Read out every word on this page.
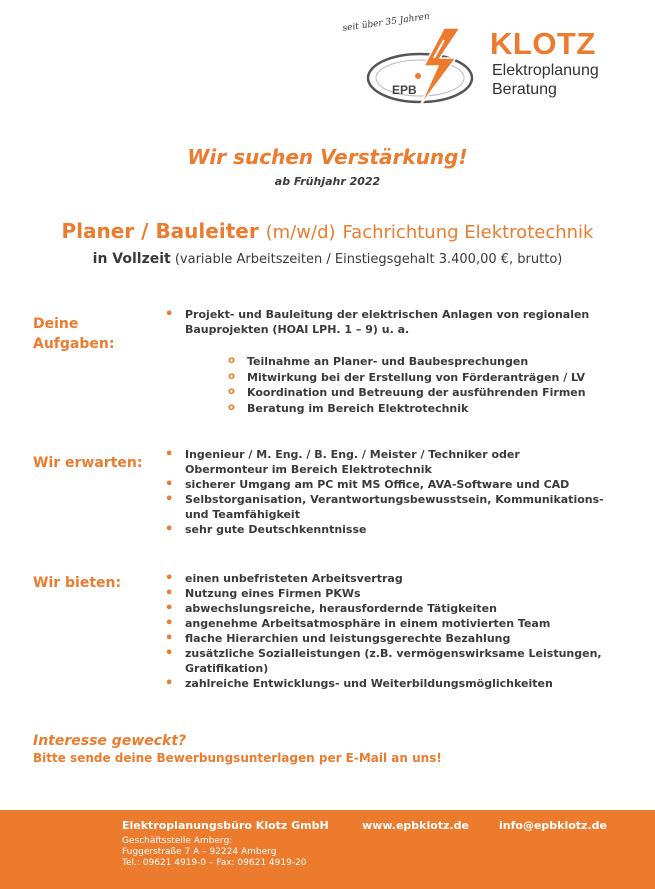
seit über 35 Jahren
EPB
KLOTZ
Elektroplanung
Beratung
Wir suchen Verstärkung!
ab Frühjahr 2022
Planer / Bauleiter (m/w/d) Fachrichtung Elektrotechnik
in Vollzeit (variable Arbeitszeiten / Einstiegsgehalt 3.400,00 €, brutto)
Deine
Aufgaben:
• Projekt- und Bauleitung der elektrischen Anlagen von regionalen Bauprojekten (HOAI LPH. 1 – 9) u. a.
o Teilnahme an Planer- und Baubesprechungen
o Mitwirkung bei der Erstellung von Förderanträgen / LV
o Koordination und Betreuung der ausführenden Firmen
o Beratung im Bereich Elektrotechnik
Wir erwarten:
• Ingenieur / M. Eng. / B. Eng. / Meister / Techniker oder Obermonteur im Bereich Elektrotechnik
• sicherer Umgang am PC mit MS Office, AVA-Software und CAD
• Selbstorganisation, Verantwortungsbewusstsein, Kommunikations- und Teamfähigkeit
• sehr gute Deutschkenntnisse
Wir bieten:
•	einen unbefristeten Arbeitsvertrag
• Nutzung eines Firmen PKWs
• abwechslungsreiche, herausfordernde Tätigkeiten
• angenehme Arbeitsatmosphäre in einem motivierten Team
• flache Hierarchien und leistungsgerechte Bezahlung
• zusätzliche Sozialleistungen (z.B. vermögenswirksame Leistungen, Gratifikation)
• zahlreiche Entwicklungs- und Weiterbildungsmöglichkeiten
Interesse geweckt?
Bitte sende deine Bewerbungsunterlagen per E-Mail an uns!
Elektroplanungsbüro Klotz GmbH
Geschäftsstelle Amberg:
Fuggerstraße 7 A – 92224 Amberg
Tel.: 09621 4919-0 – Fax: 09621 4919-20
www.epbklotz.de	info@epbklotz.de
